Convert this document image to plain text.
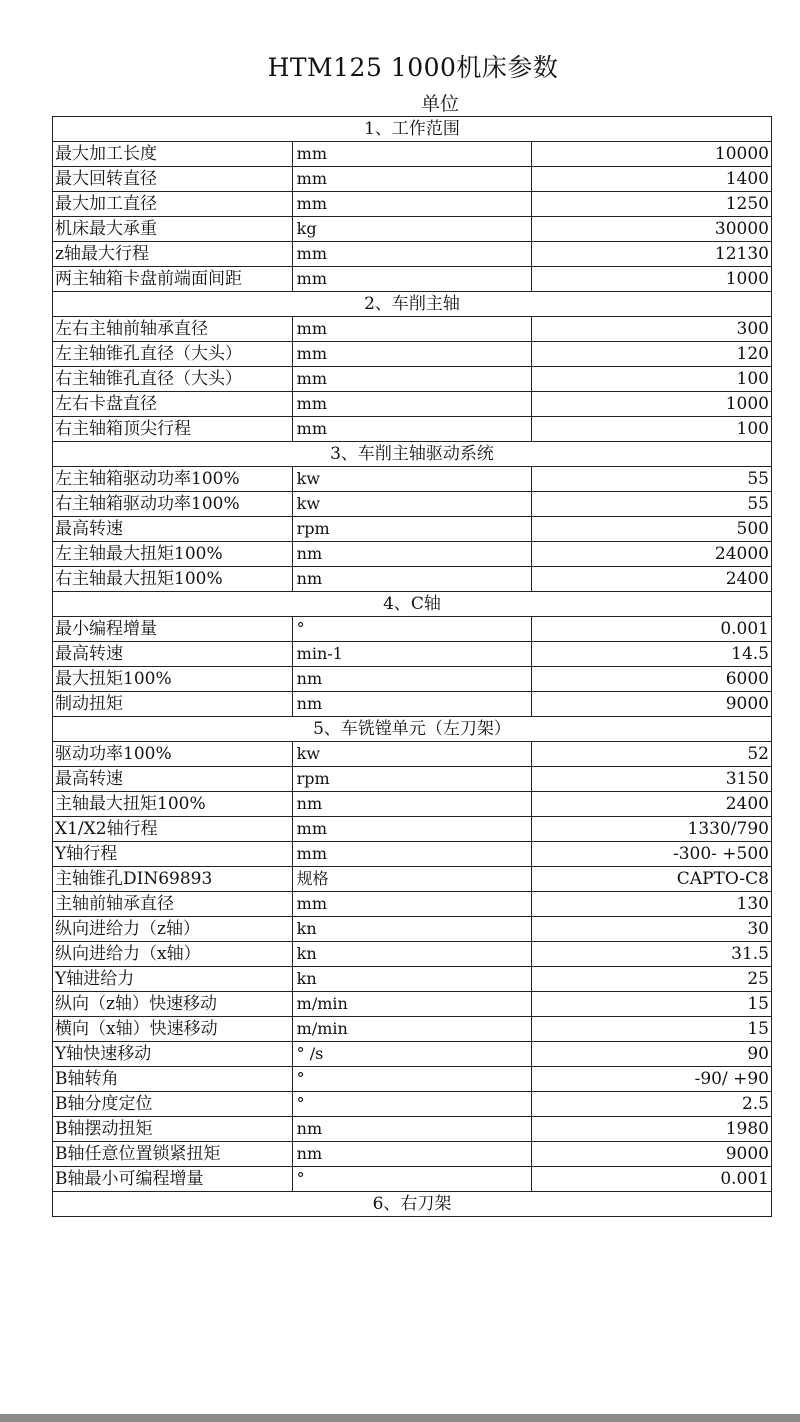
HTM125 1000机床参数
单位
1、工作范围		
最大加工长度	mm	10000
最大回转直径	mm	1400
最大加工直径	mm	1250
机床最大承重	kg	30000
z轴最大行程	mm	12130
两主轴箱卡盘前端面间距	mm	1000
2、车削主轴		
左右主轴前轴承直径	mm	300
左主轴锥孔直径（大头）	mm	120
右主轴锥孔直径（大头）	mm	100
左右卡盘直径	mm	1000
右主轴箱顶尖行程	mm	100
3、车削主轴驱动系统		
左主轴箱驱动功率100%	kw	55
右主轴箱驱动功率100%	kw	55
最高转速	rpm	500
左主轴最大扭矩100%	nm	24000
右主轴最大扭矩100%	nm	2400
4、C轴		
最小编程增量	°	0.001
最高转速	min-1	14.5
最大扭矩100%	nm	6000
制动扭矩	nm	9000
5、车铣镗单元（左刀架）		
驱动功率100%	kw	52
最高转速	rpm	3150
主轴最大扭矩100%	nm	2400
X1/X2轴行程	mm	1330/790
Y轴行程	mm	-300- +500
主轴锥孔DIN69893	规格	CAPTO-C8
主轴前轴承直径	mm	130
纵向进给力（z轴）	kn	30
纵向进给力（x轴）	kn	31.5
Y轴进给力	kn	25
纵向（z轴）快速移动	m/min	15
横向（x轴）快速移动	m/min	15
Y轴快速移动	° /s	90
B轴转角	°	-90/ +90
B轴分度定位	°	2.5
B轴摆动扭矩	nm	1980
B轴任意位置锁紧扭矩	nm	9000
B轴最小可编程增量	°	0.001
6、右刀架		
